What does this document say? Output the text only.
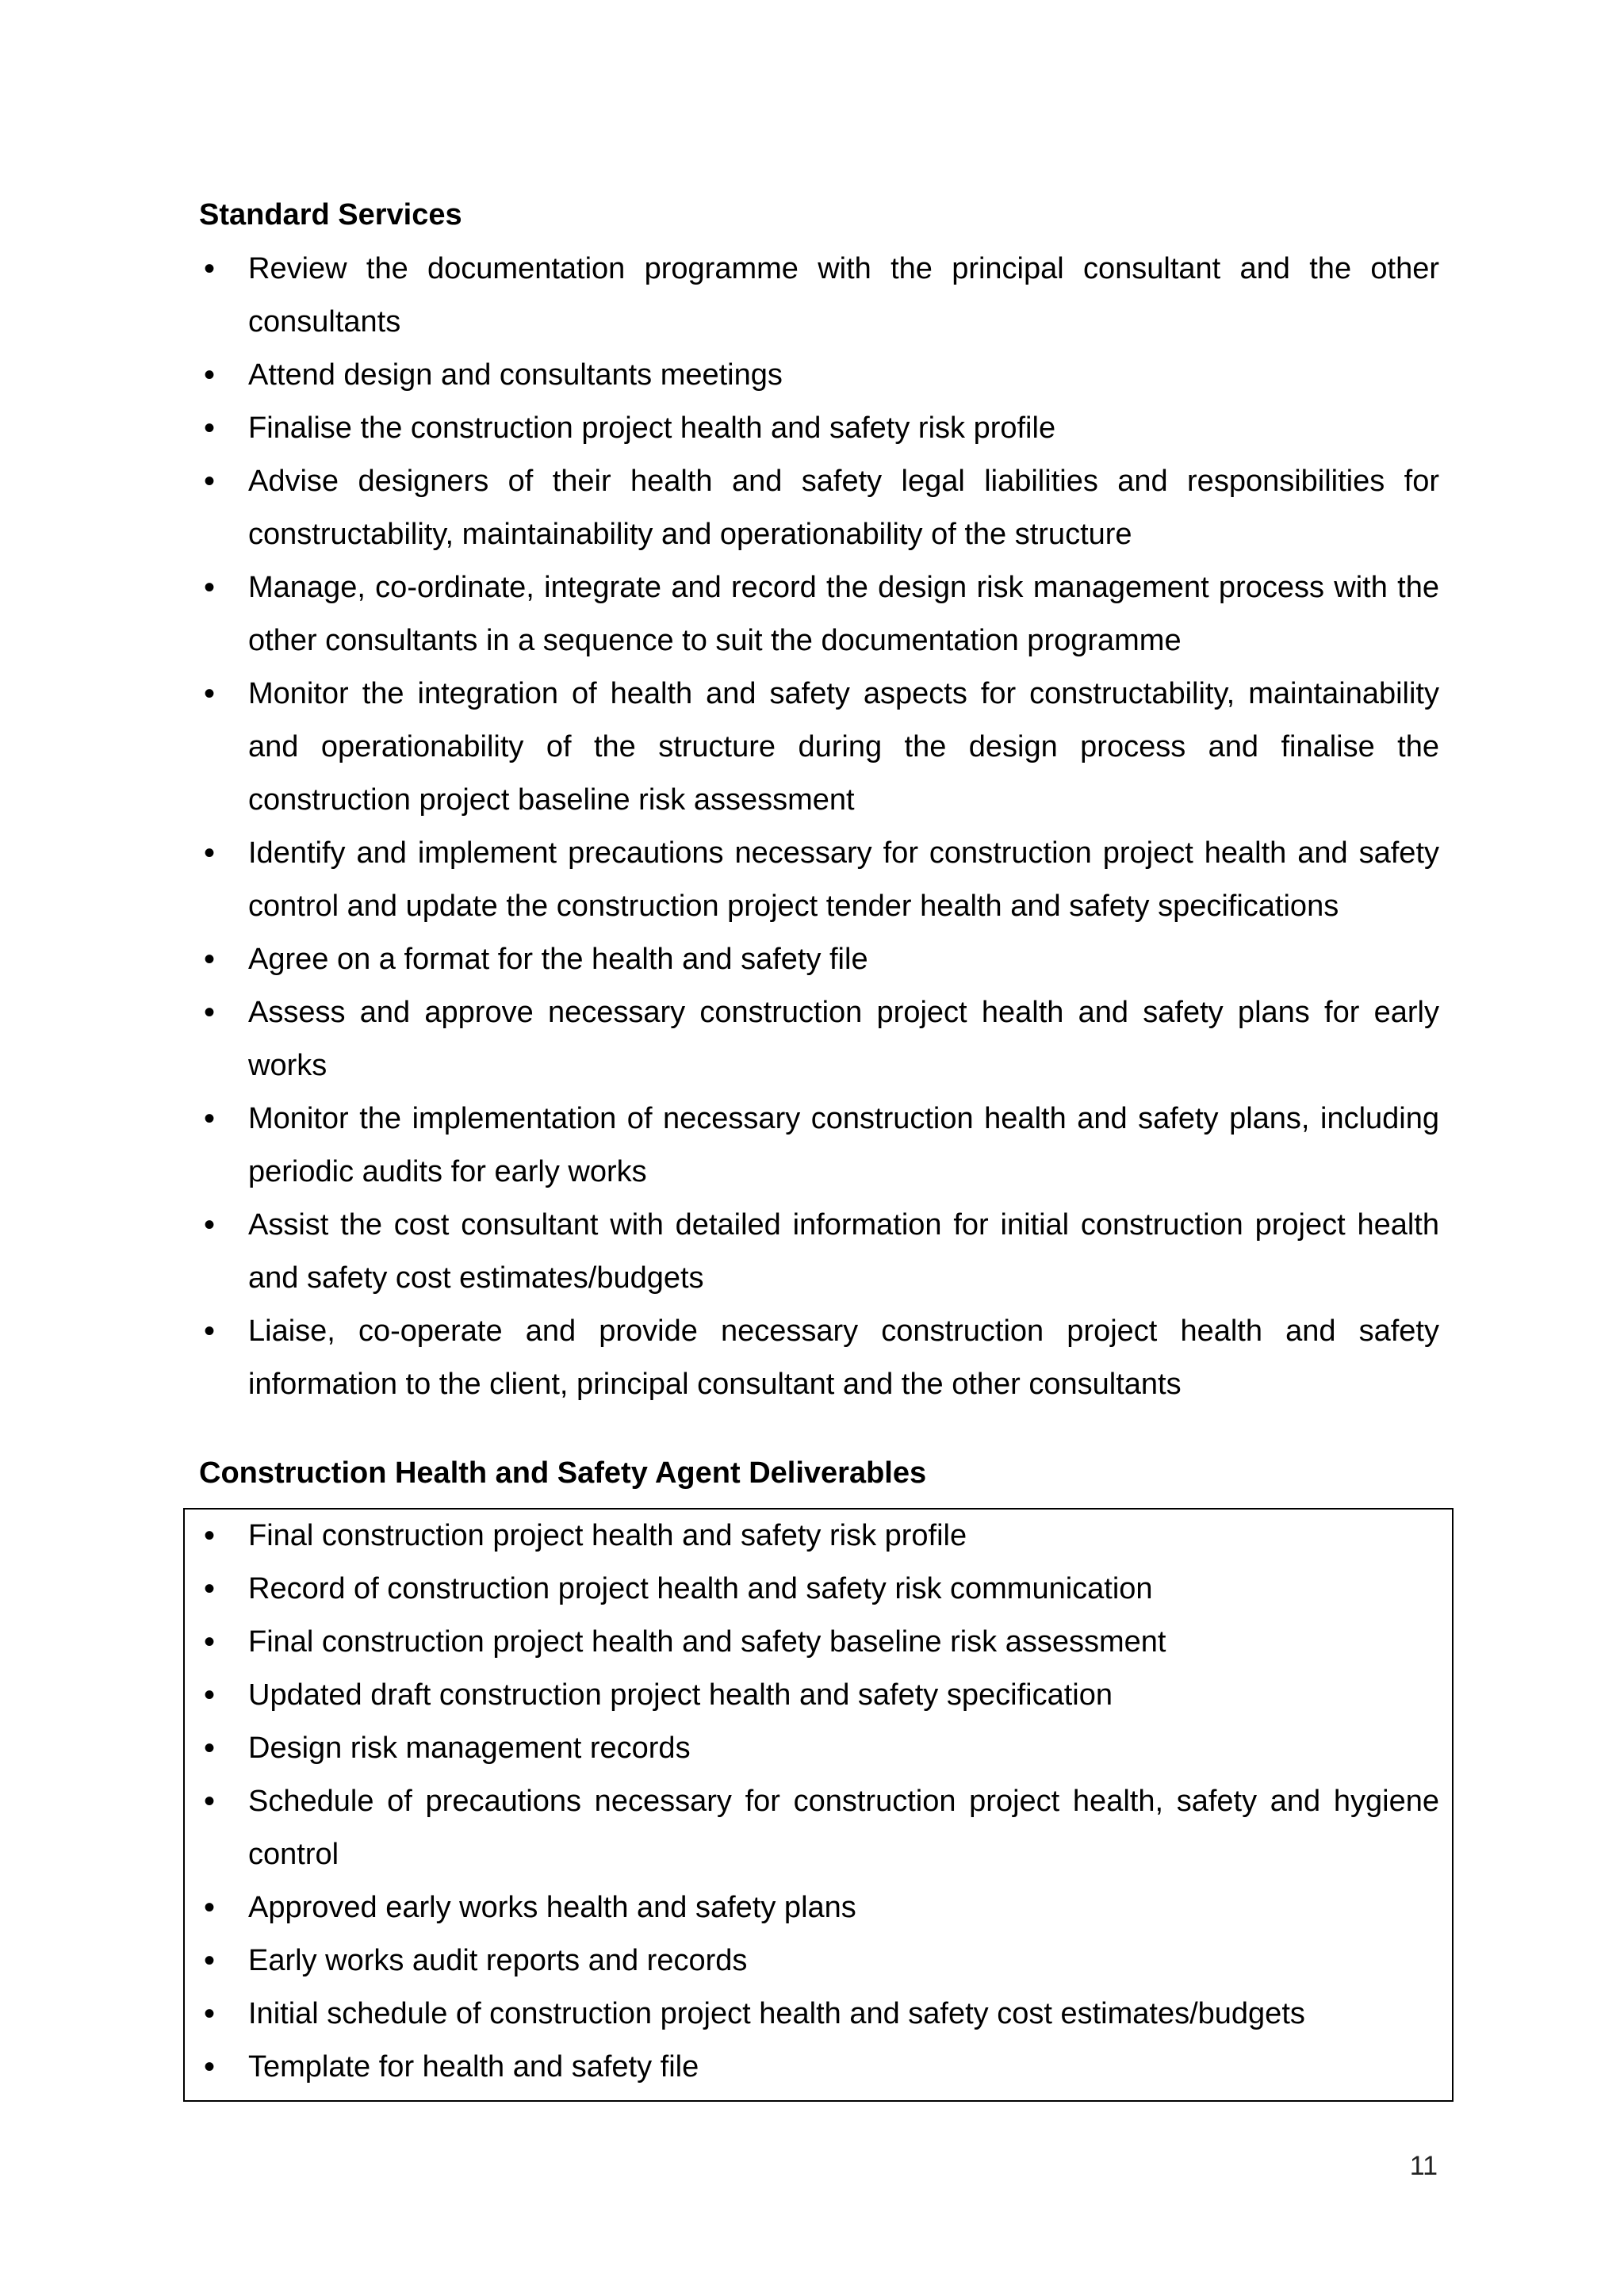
Standard Services
•
Review the documentation programme with the principal consultant and the other consultants
•
Attend design and consultants meetings
•
Finalise the construction project health and safety risk profile
•
Advise designers of their health and safety legal liabilities and responsibilities for constructability, maintainability and operationability of the structure
•
Manage, co-ordinate, integrate and record the design risk management process with the other consultants in a sequence to suit the documentation programme
•
Monitor the integration of health and safety aspects for constructability, maintainability and operationability of the structure during the design process and finalise the construction project baseline risk assessment
•
Identify and implement precautions necessary for construction project health and safety control and update the construction project tender health and safety specifications
•
Agree on a format for the health and safety file
•
Assess and approve necessary construction project health and safety plans for early works
•
Monitor the implementation of necessary construction health and safety plans, including periodic audits for early works
•
Assist the cost consultant with detailed information for initial construction project health and safety cost estimates/budgets
•
Liaise, co-operate and provide necessary construction project health and safety information to the client, principal consultant and the other consultants
Construction Health and Safety Agent Deliverables
•
Final construction project health and safety risk profile
•
Record of construction project health and safety risk communication
•
Final construction project health and safety baseline risk assessment
•
Updated draft construction project health and safety specification
•
Design risk management records
•
Schedule of precautions necessary for construction project health, safety and hygiene control
•
Approved early works health and safety plans
•
Early works audit reports and records
•
Initial schedule of construction project health and safety cost estimates/budgets
•
Template for health and safety file
11
